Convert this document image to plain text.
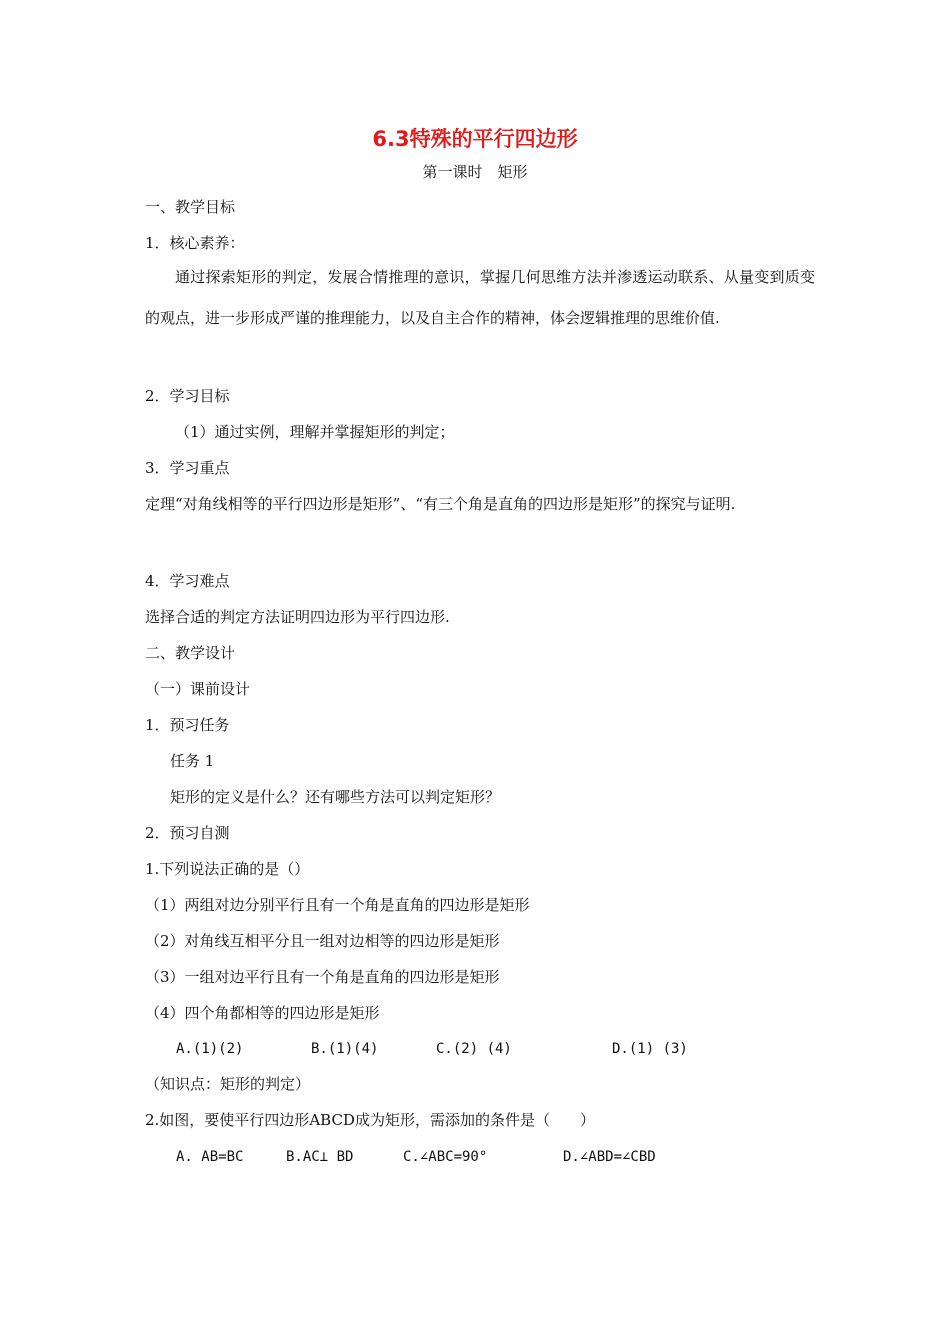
6.3特殊的平行四边形
第一课时　矩形
一、教学目标
1．核心素养：
通过探索矩形的判定，发展合情推理的意识，掌握几何思维方法并渗透运动联系、从量变到质变的观点，进一步形成严谨的推理能力，以及自主合作的精神，体会逻辑推理的思维价值.
2．学习目标
（1）通过实例，理解并掌握矩形的判定；
3．学习重点
定理“对角线相等的平行四边形是矩形”、“有三个角是直角的四边形是矩形”的探究与证明.
4．学习难点
选择合适的判定方法证明四边形为平行四边形.
二、教学设计
（一）课前设计
1．预习任务
任务 1
矩形的定义是什么？还有哪些方法可以判定矩形？
2．预习自测
1.下列说法正确的是（）
（1）两组对边分别平行且有一个角是直角的四边形是矩形
（2）对角线互相平分且一组对边相等的四边形是矩形
（3）一组对边平行且有一个角是直角的四边形是矩形
（4）四个角都相等的四边形是矩形
A.(1)(2)	B.(1)(4)	C.(2) (4)	D.(1) (3)
（知识点：矩形的判定）
2.如图，要使平行四边形ABCD成为矩形，需添加的条件是（　　）
A. AB=BC	B.AC⊥ BD	C.∠ABC=90°	D.∠ABD=∠CBD
